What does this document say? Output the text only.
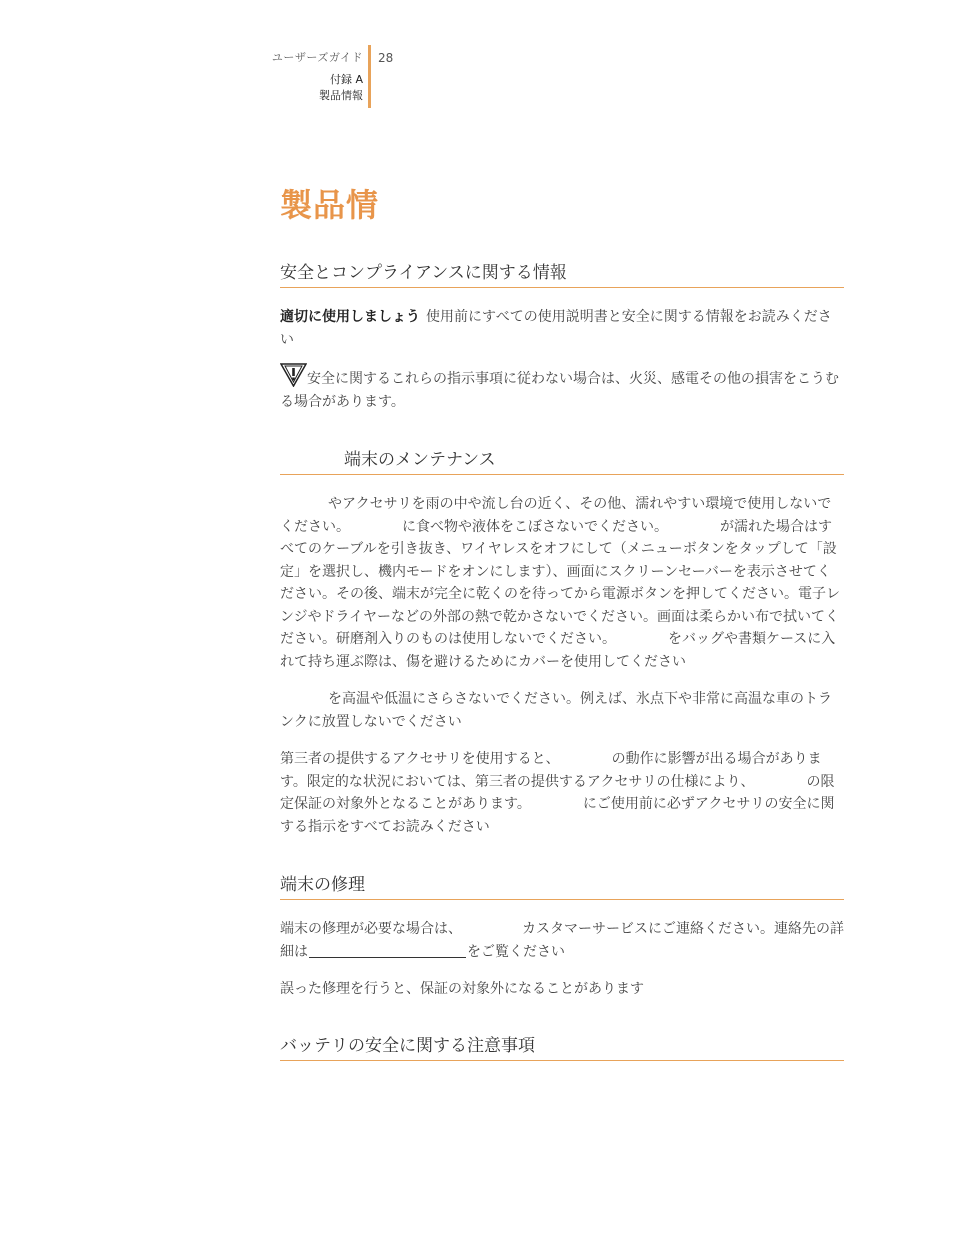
ユーザーズガイド
付録 A
製品情報
28
製品情
安全とコンプライアンスに関する情報

適切に使用しましょう 使用前にすべての使用説明書と安全に関する情報をお読みください

安全に関するこれらの指示事項に従わない場合は、火災、感電その他の損害をこうむる場合があります。

端末のメンテナンス

やアクセサリを雨の中や流し台の近く、その他、濡れやすい環境で使用しないでください。	に食べ物や液体をこぼさないでください。	が濡れた場合はすべてのケーブルを引き抜き、ワイヤレスをオフにして（メニューボタンをタップして「設定」を選択し、機内モードをオンにします）、画面にスクリーンセーバーを表示させてください。その後、端末が完全に乾くのを待ってから電源ボタンを押してください。電子レンジやドライヤーなどの外部の熱で乾かさないでください。画面は柔らかい布で拭いてください。研磨剤入りのものは使用しないでください。	をバッグや書類ケースに入れて持ち運ぶ際は、傷を避けるためにカバーを使用してください

を高温や低温にさらさないでください。例えば、氷点下や非常に高温な車のトランクに放置しないでください

第三者の提供するアクセサリを使用すると、	の動作に影響が出る場合があります。限定的な状況においては、第三者の提供するアクセサリの仕様により、	の限定保証の対象外となることがあります。	にご使用前に必ずアクセサリの安全に関する指示をすべてお読みください

端末の修理

端末の修理が必要な場合は、	カスタマーサービスにご連絡ください。連絡先の詳細は	をご覧ください

誤った修理を行うと、保証の対象外になることがあります

バッテリの安全に関する注意事項
